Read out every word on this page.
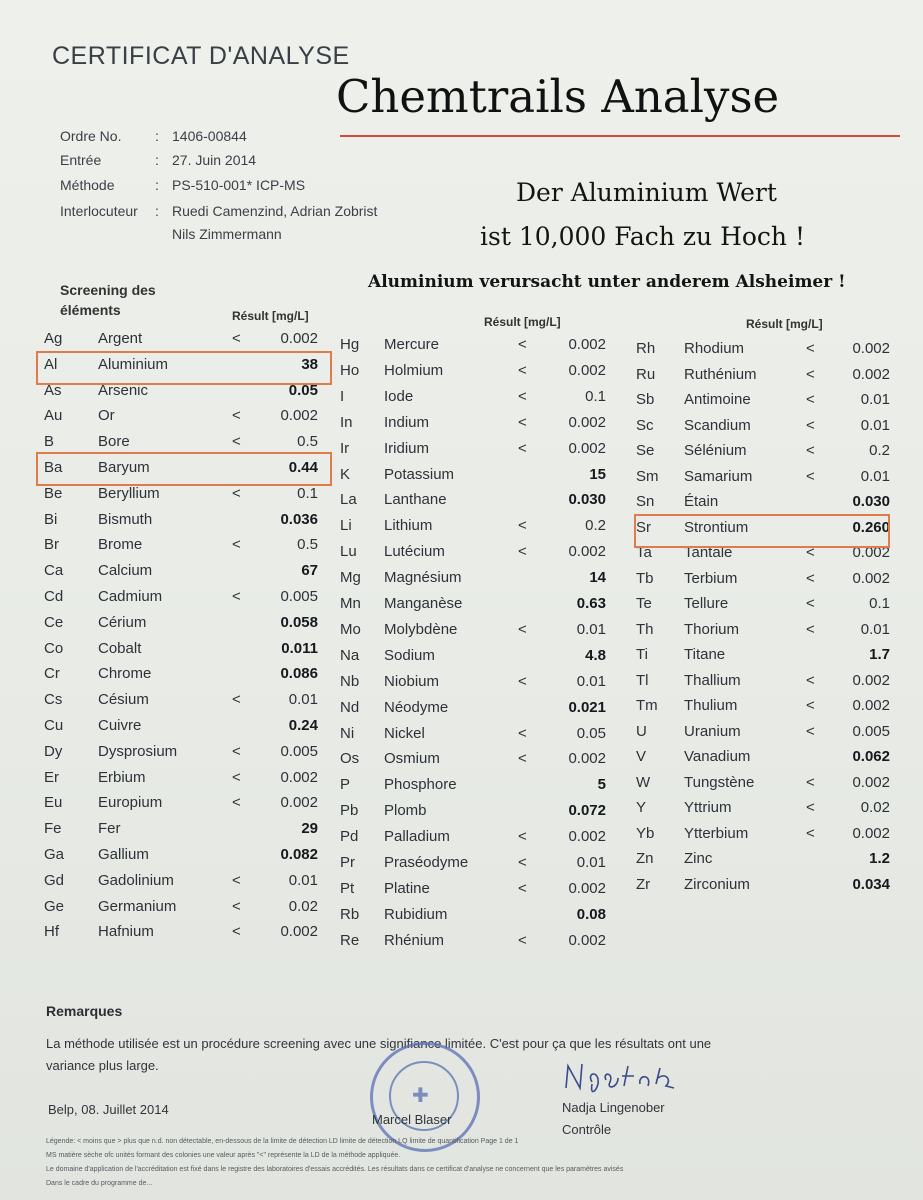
CERTIFICAT D'ANALYSE
Chemtrails Analyse
Der Aluminium Wert
ist 10,000 Fach zu Hoch !
Aluminium verursacht unter anderem Alsheimer !
Ordre No. : 1406-00844
Entrée	: 27. Juin 2014
Méthode	: PS-510-001* ICP-MS
Interlocuteur : Ruedi Camenzind, Adrian Zobrist
Nils Zimmermann
Screening des
éléments	Résult [mg/L]	Résult [mg/L]	Résult [mg/L]
Ag Argent	<	0.002
Al	Aluminium	38
As Arsenic	0.05
Au Or	<	0.002
B	Bore	<	0.5
Ba Baryum	0.44
Be Beryllium	<	0.1
Bi	Bismuth	0.036
Br	Brome	<	0.5
Ca Calcium	67
Cd Cadmium	<	0.005
Ce Cérium	0.058
Co Cobalt	0.011
Cr	Chrome	0.086
Cs Césium	<	0.01
Cu Cuivre	0.24
Dy Dysprosium	<	0.005
Er	Erbium	<	0.002
Eu Europium	<	0.002
Fe Fer	29
Ga Gallium	0.082
Gd Gadolinium	<	0.01
Ge Germanium	<	0.02
Hf	Hafnium	<	0.002
Hg Mercure	<	0.002
Ho Holmium	<	0.002
I	Iode	<	0.1
In Indium	<	0.002
Ir Iridium	<	0.002
K Potassium	15
La Lanthane	0.030
Li Lithium	<	0.2
Lu Lutécium	<	0.002
Mg Magnésium	14
Mn Manganèse	0.63
Mo Molybdène	<	0.01
Na Sodium	4.8
Nb Niobium	<	0.01
Nd Néodyme	0.021
Ni Nickel	<	0.05
Os Osmium	<	0.002
P Phosphore	5
Pb Plomb	0.072
Pd Palladium	<	0.002
Pr Praséodyme	<	0.01
Pt Platine	<	0.002
Rb Rubidium	0.08
Re Rhénium	<	0.002
Rh Rhodium	<	0.002
Ru Ruthénium	<	0.002
Sb Antimoine	<	0.01
Sc Scandium	<	0.01
Se Sélénium	<	0.2
Sm Samarium	<	0.01
Sn Étain	0.030
Sr Strontium	0.260
Ta Tantale	<	0.002
Tb Terbium	<	0.002
Te Tellure	<	0.1
Th Thorium	<	0.01
Ti Titane	1.7
Tl Thallium	<	0.002
Tm Thulium	<	0.002
U Uranium	<	0.005
V	Vanadium	0.062
W Tungstène	<	0.002
Y	Yttrium	<	0.02
Yb Ytterbium	<	0.002
Zn Zinc	1.2
Zr Zirconium	0.034
Remarques
La méthode utilisée est un procédure screening avec une signifiance limitée. C'est pour ça que les résultats ont une
variance plus large.
Belp, 08. Juillet 2014
✚
Marcel Blaser
Nadja Lingenober
Contrôle
Légende: < moins que > plus que n.d. non détectable, en-dessous de la limite de détection LD limite de détection LQ limite de quantification Page 1 de 1
MS matière sèche ofc unités formant des colonies une valeur après "<" représente la LD de la méthode appliquée.
Le domaine d'application de l'accréditation est fixé dans le registre des laboratoires d'essais accrédités. Les résultats dans ce certificat d'analyse ne concernent que les paramètres avisés
Dans le cadre du programme de...
